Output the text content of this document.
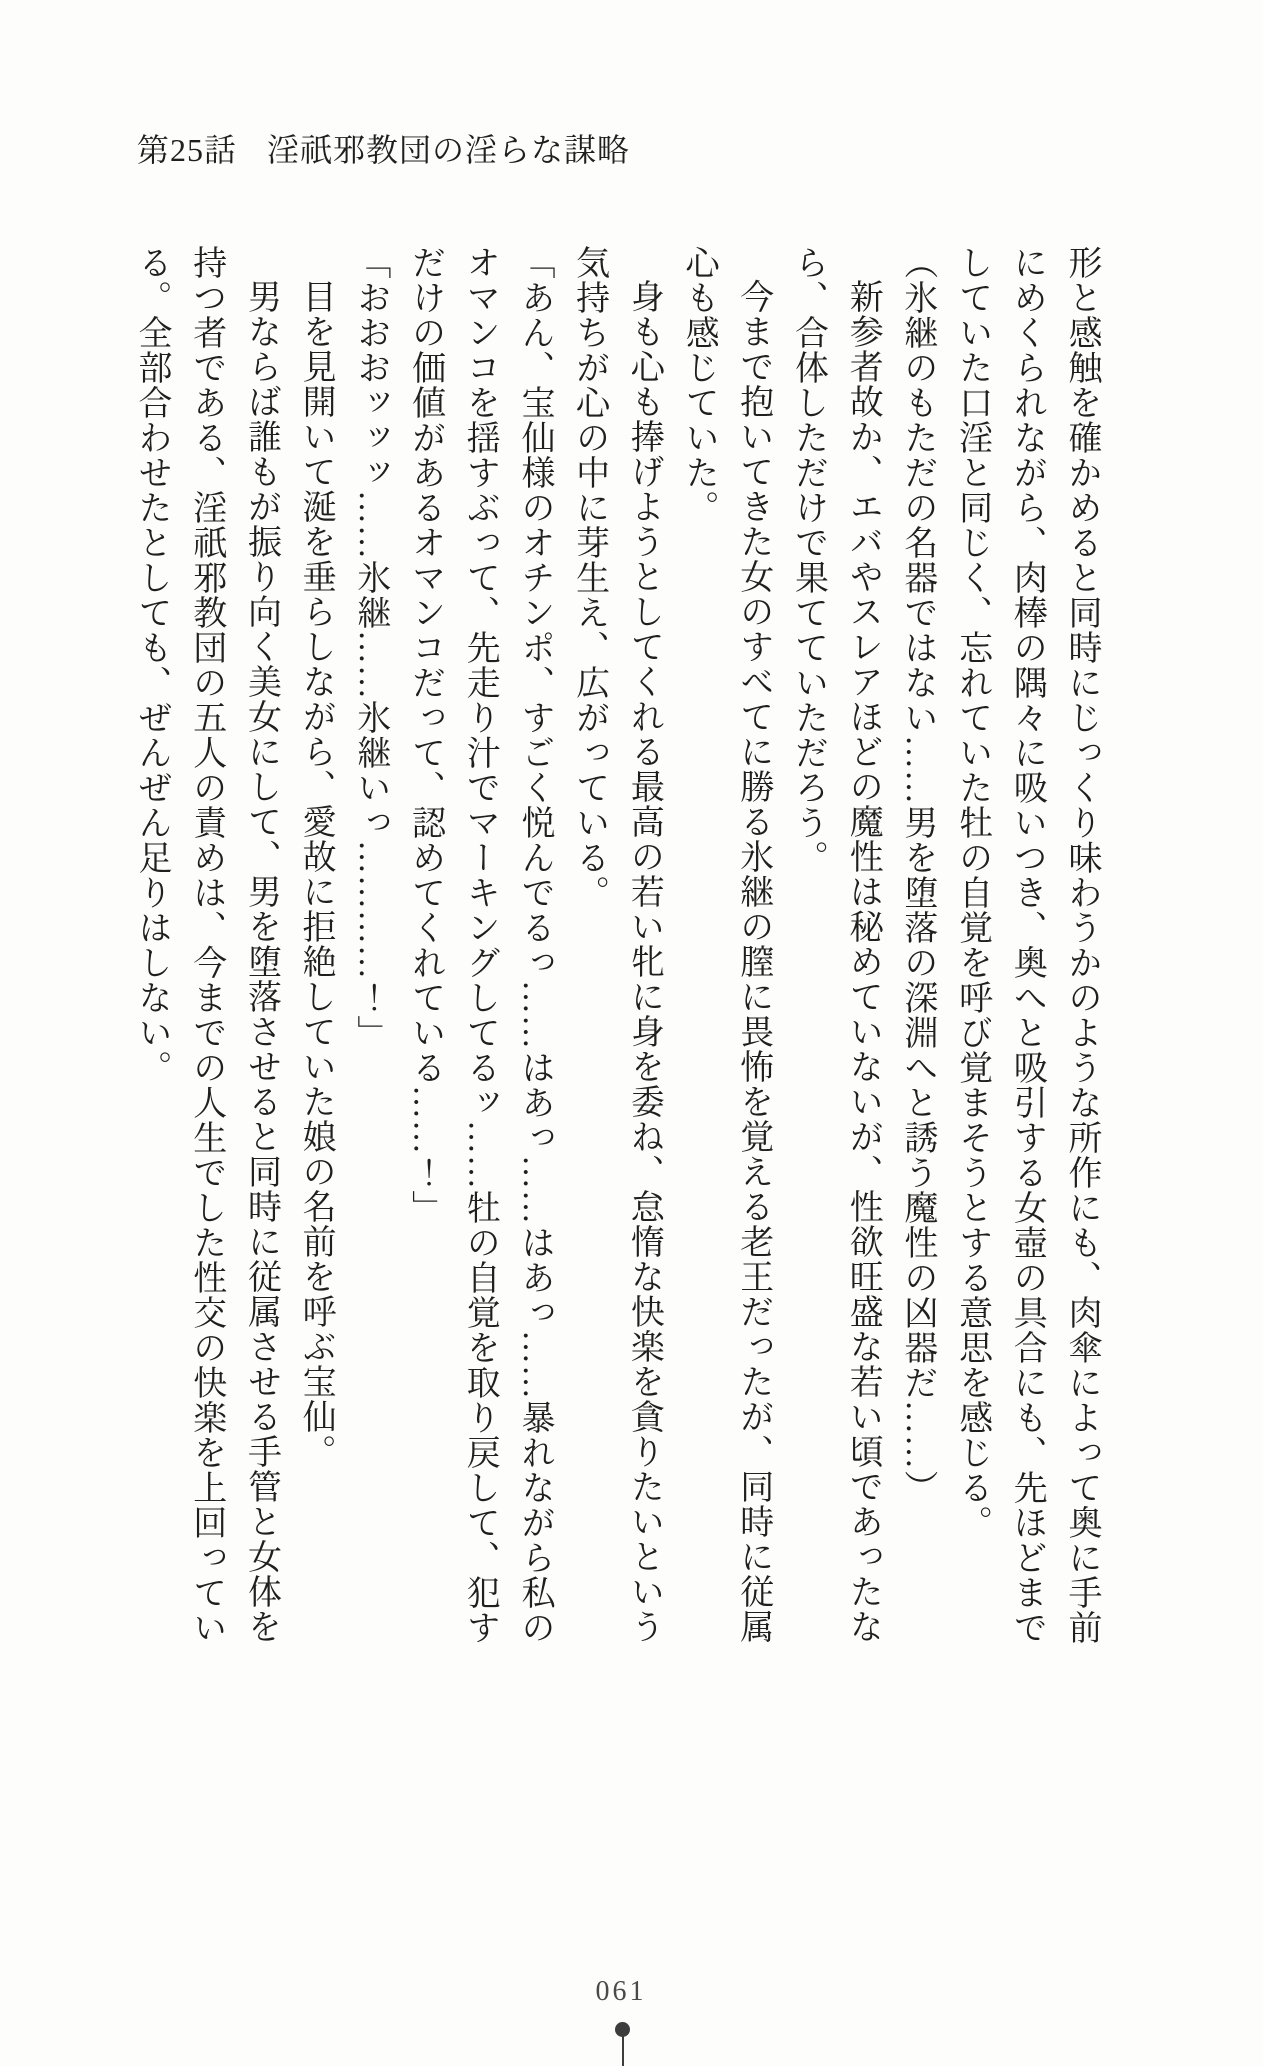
第25話 淫祇邪教団の淫らな謀略

形と感触を確かめると同時にじっくり味わうかのような所作にも、肉傘によって奥に手前にめくられながら、肉棒の隅々に吸いつき、奥へと吸引する女壺の具合にも、先ほどまでしていた口淫と同じく、忘れていた牡の自覚を呼び覚まそうとする意思を感じる。

（氷継のもただの名器ではない……男を堕落の深淵へと誘う魔性の凶器だ……）

新参者故か、エバやスレアほどの魔性は秘めていないが、性欲旺盛な若い頃であったなら、合体しただけで果てていただろう。

今まで抱いてきた女のすべてに勝る氷継の膣に畏怖を覚える老王だったが、同時に従属心も感じていた。

身も心も捧げようとしてくれる最高の若い牝に身を委ね、怠惰な快楽を貪りたいという気持ちが心の中に芽生え、広がっている。

「あん、宝仙様のオチンポ、すごく悦んでるっ……はあっ……はあっ……暴れながら私のオマンコを揺すぶって、先走り汁でマーキングしてるッ……牡の自覚を取り戻して、犯すだけの価値があるオマンコだって、認めてくれている……！」

「おおおッッッ……氷継……氷継いっ…………！」

目を見開いて涎を垂らしながら、愛故に拒絶していた娘の名前を呼ぶ宝仙。

男ならば誰もが振り向く美女にして、男を堕落させると同時に従属させる手管と女体を持つ者である、淫祇邪教団の五人の責めは、今までの人生でした性交の快楽を上回っている。全部合わせたとしても、ぜんぜん足りはしない。

061
